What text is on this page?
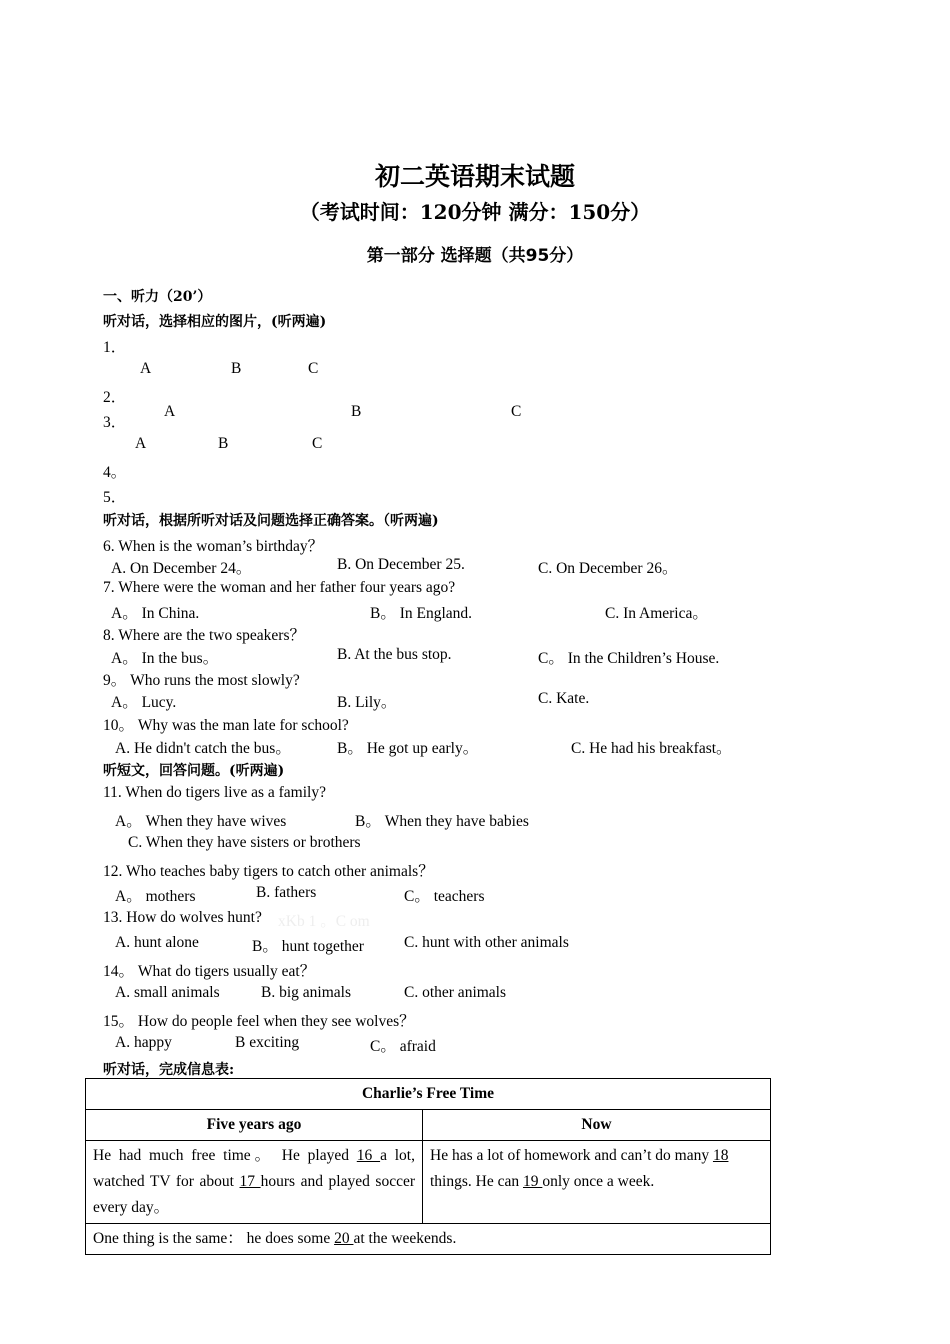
初二英语期末试题
（考试时间：120分钟 满分：150分）
第一部分 选择题（共95分）
一、听力（20’）
听对话，选择相应的图片，(听两遍)
1．
A	B	C
2．
3．
A	B	C
A	B	C
4。
5．
听对话，根据所听对话及问题选择正确答案。（听两遍)
6. When is the woman’s birthday？
A. On December 24。	B. On December 25.	C. On December 26。
7. Where were the woman and her father four years ago?
A。 In China.	B。 In England.	C. In America。
8. Where are the two speakers？
A。 In the bus。	B. At the bus stop.	C。 In the Children’s House.
9。 Who runs the most slowly?
A。 Lucy.	B. Lily。	C. Kate.
10。 Why was the man late for school?
A. He didn't catch the bus。	B。 He got up early。	C. He had his breakfast。
听短文，回答问题。(听两遍)
11. When do tigers live as a family?
A。 When they have wives	B。 When they have babies
C. When they have sisters or brothers
12. Who teaches baby tigers to catch other animals？
A。 mothers	B. fathers	C。 teachers
13. How do wolves hunt? xKb 1 。C om
A. hunt alone	B。 hunt together	C. hunt with other animals
14。 What do tigers usually eat？
A. small animals	B. big animals	C. other animals
15。 How do people feel when they see wolves？
A. happy	B exciting	C。 afraid
听对话，完成信息表:
Charlie’s Free Time	
Five years ago	Now
He had much free time。 He played 16 a lot, watched TV for about 17 hours and played soccer every day。	He has a lot of homework and can’t do many 18 things. He can 19 only once a week.
One thing is the same： he does some 20 at the weekends.	
